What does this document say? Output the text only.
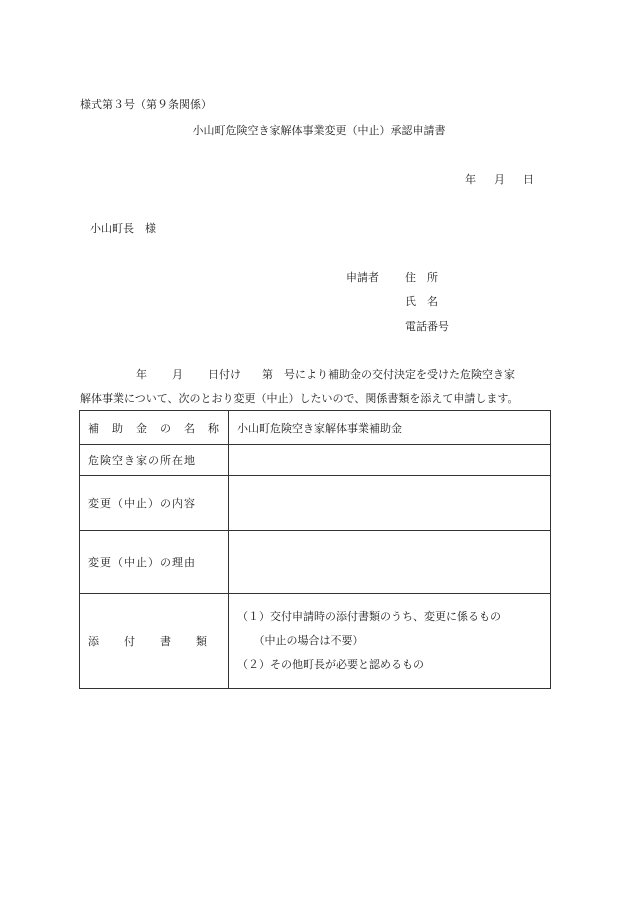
様式第３号（第９条関係）
小山町危険空き家解体事業変更（中止）承認申請書
年 月 日
小山町長　様
申請者 住　所
氏　名
電話番号
年 月 日付け 第　号により補助金の交付決定を受けた危険空き家
解体事業について、次のとおり変更（中止）したいので、関係書類を添えて申請します。
補　助　金　の　名　称	小山町危険空き家解体事業補助金
危険空き家の所在地	
変更（中止）の内容	
変更（中止）の理由	
添　　付　　書　　類	（１）交付申請時の添付書類のうち、変更に係るもの
　　（中止の場合は不要）
（２）その他町長が必要と認めるもの
